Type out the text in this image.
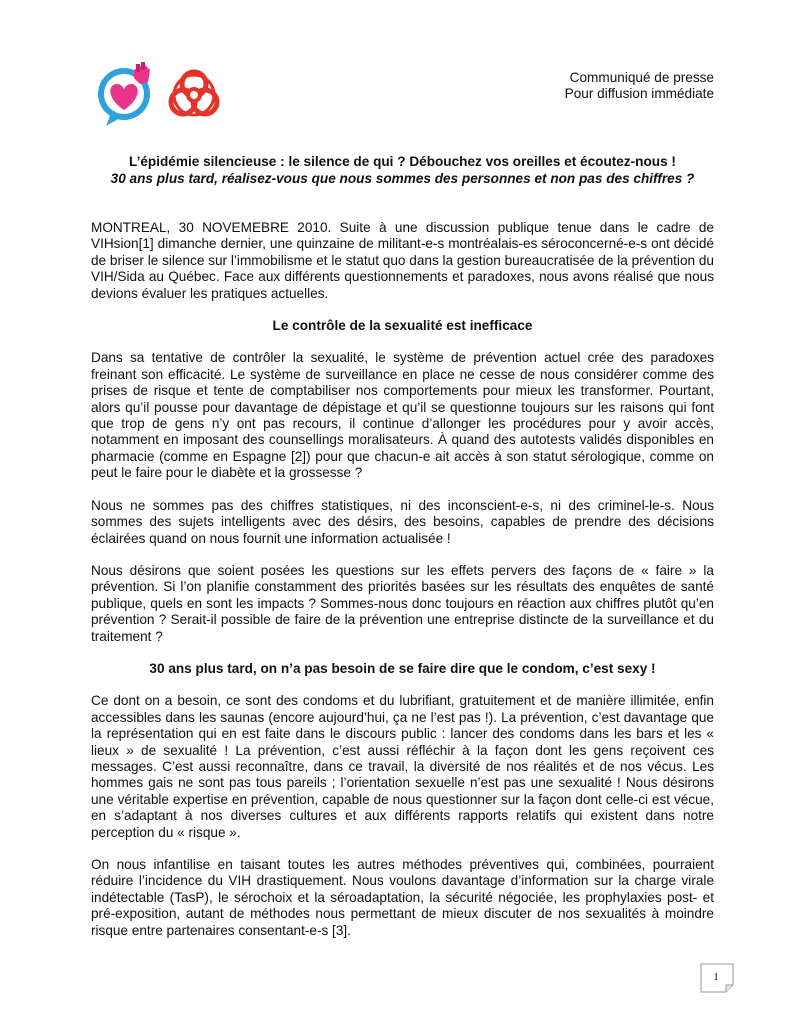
Communiqué de presse
Pour diffusion immédiate
L’épidémie silencieuse : le silence de qui ? Débouchez vos oreilles et écoutez-nous !
30 ans plus tard, réalisez-vous que nous sommes des personnes et non pas des chiffres ?

MONTREAL, 30 NOVEMEBRE 2010. Suite à une discussion publique tenue dans le cadre de VIHsion[1] dimanche dernier, une quinzaine de militant-e-s montréalais-es séroconcerné-e-s ont décidé de briser le silence sur l’immobilisme et le statut quo dans la gestion bureaucratisée de la prévention du VIH/Sida au Québec. Face aux différents questionnements et paradoxes, nous avons réalisé que nous devions évaluer les pratiques actuelles.

Le contrôle de la sexualité est inefficace

Dans sa tentative de contrôler la sexualité, le système de prévention actuel crée des paradoxes freinant son efficacité. Le système de surveillance en place ne cesse de nous considérer comme des prises de risque et tente de comptabiliser nos comportements pour mieux les transformer. Pourtant, alors qu’il pousse pour davantage de dépistage et qu’il se questionne toujours sur les raisons qui font que trop de gens n’y ont pas recours, il continue d’allonger les procédures pour y avoir accès, notamment en imposant des counsellings moralisateurs. À quand des autotests validés disponibles en pharmacie (comme en Espagne [2]) pour que chacun-e ait accès à son statut sérologique, comme on peut le faire pour le diabète et la grossesse ?

Nous ne sommes pas des chiffres statistiques, ni des inconscient-e-s, ni des criminel-le-s. Nous sommes des sujets intelligents avec des désirs, des besoins, capables de prendre des décisions éclairées quand on nous fournit une information actualisée !

Nous désirons que soient posées les questions sur les effets pervers des façons de « faire » la prévention. Si l’on planifie constamment des priorités basées sur les résultats des enquêtes de santé publique, quels en sont les impacts ? Sommes-nous donc toujours en réaction aux chiffres plutôt qu’en prévention ? Serait-il possible de faire de la prévention une entreprise distincte de la surveillance et du traitement ?

30 ans plus tard, on n’a pas besoin de se faire dire que le condom, c’est sexy !

Ce dont on a besoin, ce sont des condoms et du lubrifiant, gratuitement et de manière illimitée, enfin accessibles dans les saunas (encore aujourd’hui, ça ne l’est pas !). La prévention, c’est davantage que la représentation qui en est faite dans le discours public : lancer des condoms dans les bars et les « lieux » de sexualité ! La prévention, c’est aussi réfléchir à la façon dont les gens reçoivent ces messages. C’est aussi reconnaître, dans ce travail, la diversité de nos réalités et de nos vécus. Les hommes gais ne sont pas tous pareils ; l’orientation sexuelle n’est pas une sexualité ! Nous désirons une véritable expertise en prévention, capable de nous questionner sur la façon dont celle-ci est vécue, en s’adaptant à nos diverses cultures et aux différents rapports relatifs qui existent dans notre perception du « risque ».

On nous infantilise en taisant toutes les autres méthodes préventives qui, combinées, pourraient réduire l’incidence du VIH drastiquement. Nous voulons davantage d’information sur la charge virale indétectable (TasP), le sérochoix et la séroadaptation, la sécurité négociée, les prophylaxies post- et pré-exposition, autant de méthodes nous permettant de mieux discuter de nos sexualités à moindre risque entre partenaires consentant-e-s [3].

1
